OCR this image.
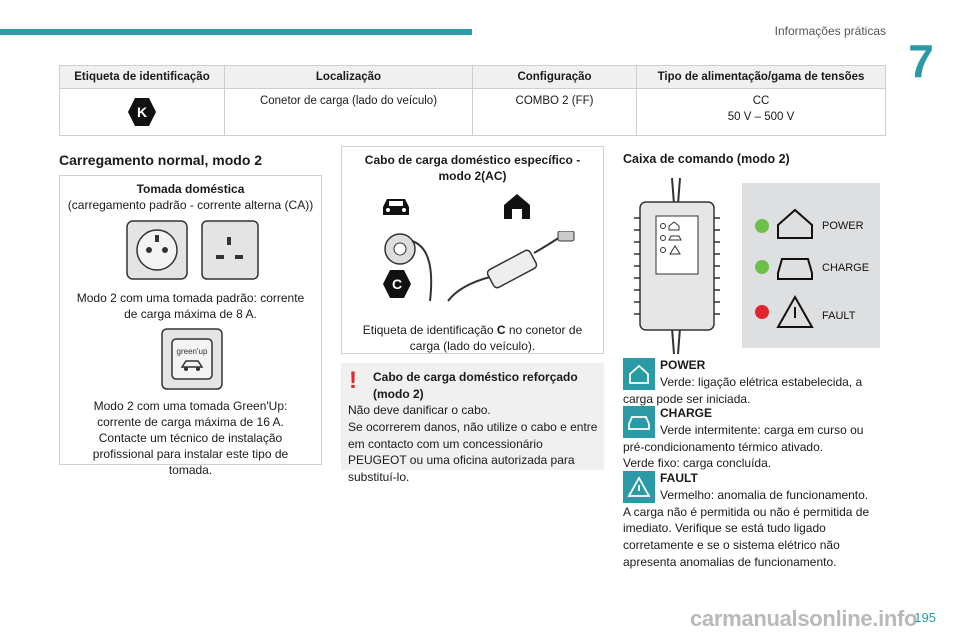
Informações práticas
7
Etiqueta de identificação	Localização	Configuração	Tipo de alimentação/gama de tensões

K	Conetor de carga (lado do veículo)	COMBO 2 (FF)	CC
50 V – 500 V
Carregamento normal, modo 2	Caixa de comando (modo 2)
Tomada doméstica
(carregamento padrão - corrente alterna (CA))
Modo 2 com uma tomada padrão: corrente de carga máxima de 8 A.
green'up
Modo 2 com uma tomada Green'Up: corrente de carga máxima de 16 A.
Contacte um técnico de instalação profissional para instalar este tipo de tomada.
Cabo de carga doméstico específico - modo 2(AC)
C
Etiqueta de identificação C no conetor de carga (lado do veículo).
! Cabo de carga doméstico reforçado (modo 2)
Não deve danificar o cabo.
Se ocorrerem danos, não utilize o cabo e entre em contacto com um concessionário PEUGEOT ou uma oficina autorizada para substituí-lo.
POWER
CHARGE
FAULT
POWER
Verde: ligação elétrica estabelecida, a carga pode ser iniciada.
CHARGE
Verde intermitente: carga em curso ou pré-condicionamento térmico ativado.
Verde fixo: carga concluída.
FAULT
Vermelho: anomalia de funcionamento.
A carga não é permitida ou não é permitida de imediato. Verifique se está tudo ligado corretamente e se o sistema elétrico não apresenta anomalias de funcionamento.
carmanualsonline.info
195
